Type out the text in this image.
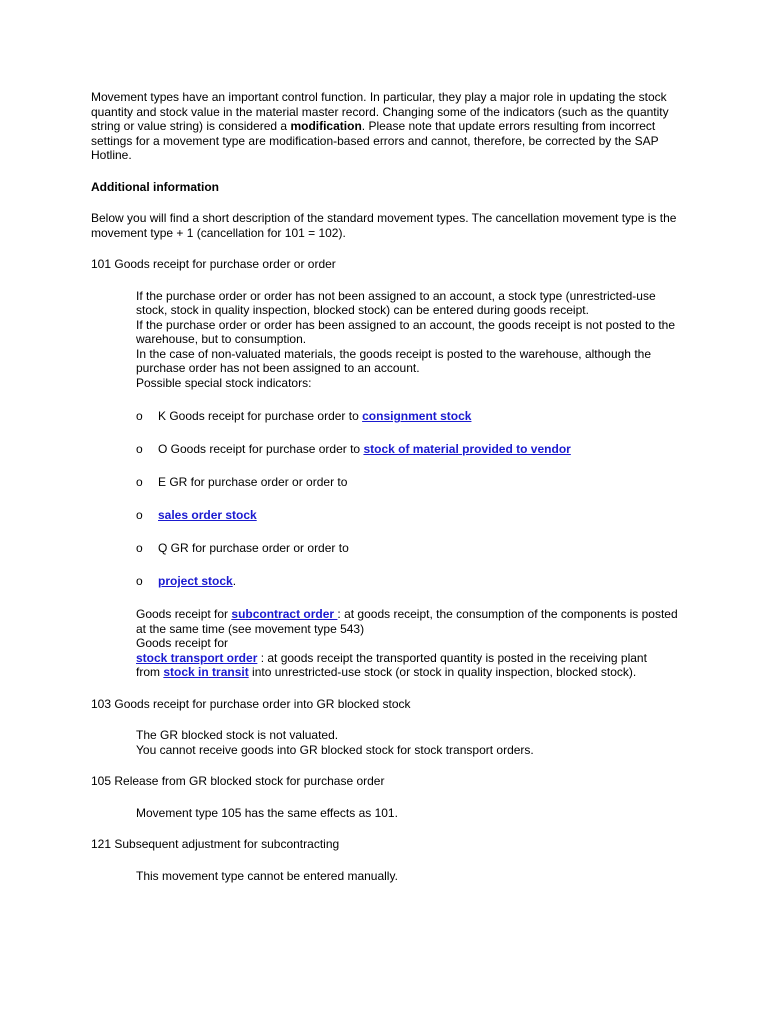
Movement types have an important control function. In particular, they play a major role in updating the stock quantity and stock value in the material master record. Changing some of the indicators (such as the quantity string or value string) is considered a modification. Please note that update errors resulting from incorrect settings for a movement type are modification-based errors and cannot, therefore, be corrected by the SAP Hotline.

Additional information

Below you will find a short description of the standard movement types. The cancellation movement type is the movement type + 1 (cancellation for 101 = 102).

101 Goods receipt for purchase order or order

If the purchase order or order has not been assigned to an account, a stock type (unrestricted-use stock, stock in quality inspection, blocked stock) can be entered during goods receipt.

If the purchase order or order has been assigned to an account, the goods receipt is not posted to the warehouse, but to consumption.

In the case of non-valuated materials, the goods receipt is posted to the warehouse, although the purchase order has not been assigned to an account.

Possible special stock indicators:

o K Goods receipt for purchase order to consignment stock
o O Goods receipt for purchase order to stock of material provided to vendor
o E GR for purchase order or order to
o sales order stock
o Q GR for purchase order or order to
o project stock.

Goods receipt for subcontract order : at goods receipt, the consumption of the components is posted at the same time (see movement type 543)

Goods receipt for

stock transport order : at goods receipt the transported quantity is posted in the receiving plant

from stock in transit into unrestricted-use stock (or stock in quality inspection, blocked stock).

103 Goods receipt for purchase order into GR blocked stock

The GR blocked stock is not valuated.

You cannot receive goods into GR blocked stock for stock transport orders.

105 Release from GR blocked stock for purchase order

Movement type 105 has the same effects as 101.

121 Subsequent adjustment for subcontracting

This movement type cannot be entered manually.
